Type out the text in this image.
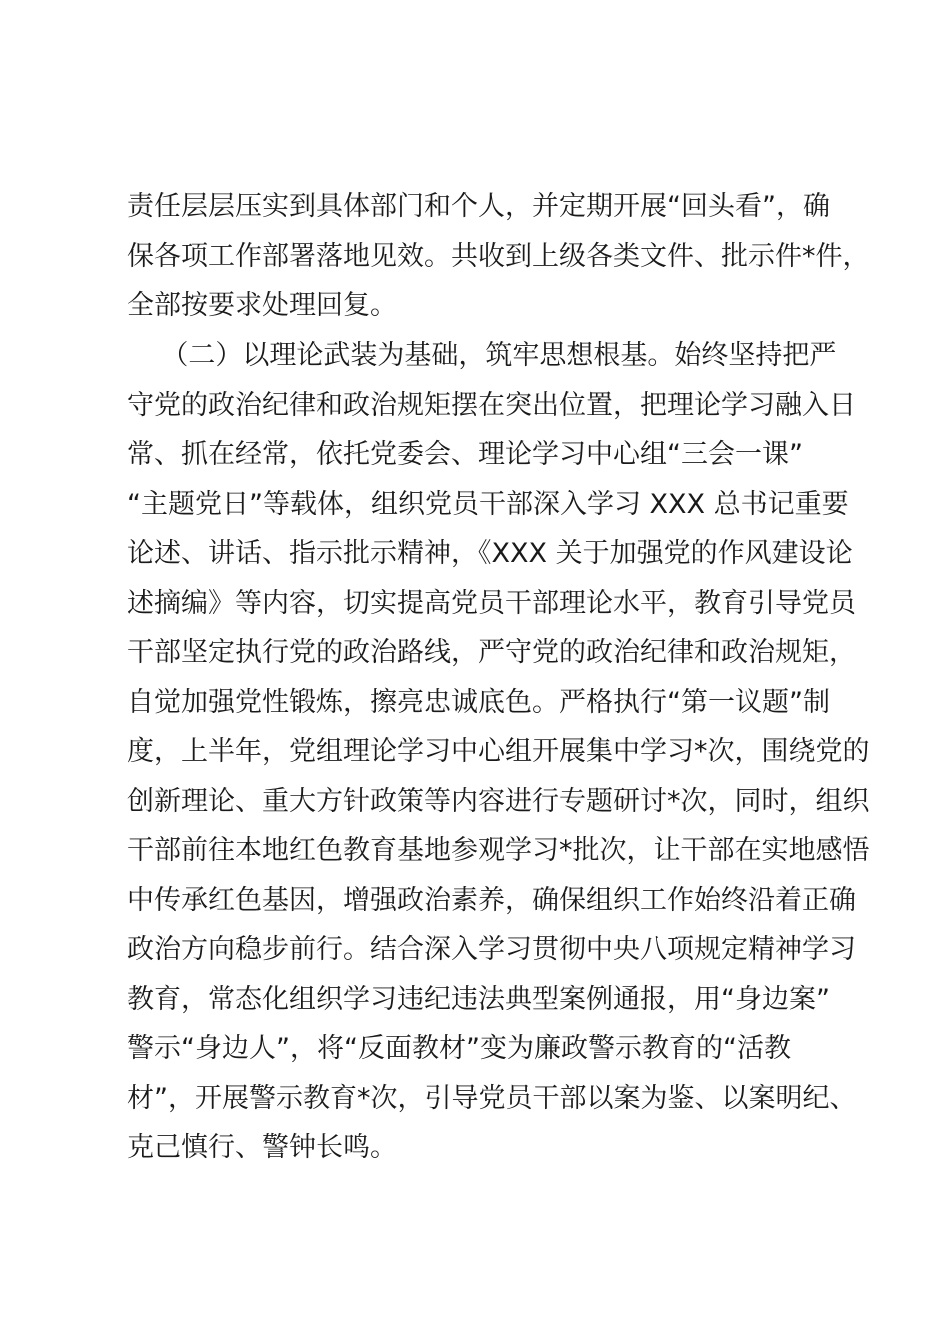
责任层层压实到具体部门和个人，并定期开展“回头看”，确
保各项工作部署落地见效。共收到上级各类文件、批示件*件，
全部按要求处理回复。
（二）以理论武装为基础，筑牢思想根基。始终坚持把严
守党的政治纪律和政治规矩摆在突出位置，把理论学习融入日
常、抓在经常，依托党委会、理论学习中心组“三会一课”
“主题党日”等载体，组织党员干部深入学习 XXX 总书记重要
论述、讲话、指示批示精神，《XXX 关于加强党的作风建设论
述摘编》等内容，切实提高党员干部理论水平，教育引导党员
干部坚定执行党的政治路线，严守党的政治纪律和政治规矩，
自觉加强党性锻炼，擦亮忠诚底色。严格执行“第一议题”制
度，上半年，党组理论学习中心组开展集中学习*次，围绕党的
创新理论、重大方针政策等内容进行专题研讨*次，同时，组织
干部前往本地红色教育基地参观学习*批次，让干部在实地感悟
中传承红色基因，增强政治素养，确保组织工作始终沿着正确
政治方向稳步前行。结合深入学习贯彻中央八项规定精神学习
教育，常态化组织学习违纪违法典型案例通报，用“身边案”
警示“身边人”，将“反面教材”变为廉政警示教育的“活教
材”，开展警示教育*次，引导党员干部以案为鉴、以案明纪、
克己慎行、警钟长鸣。
